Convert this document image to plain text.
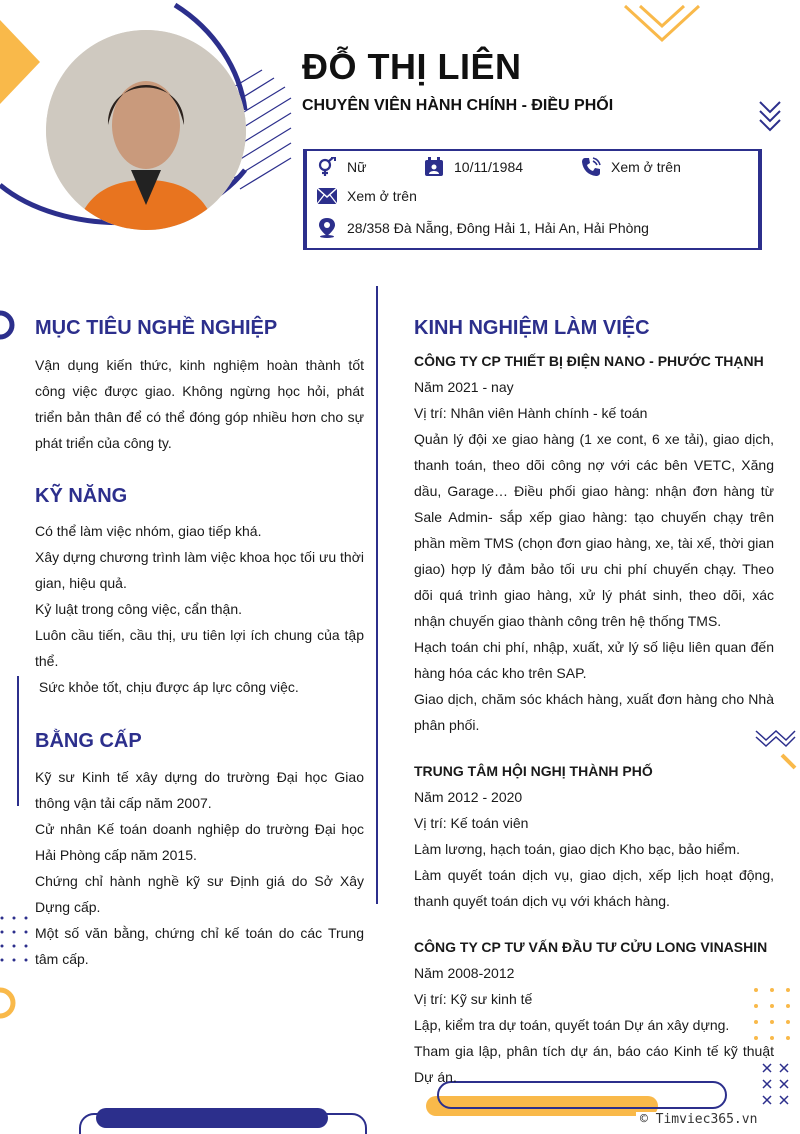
ĐỖ THỊ LIÊN
CHUYÊN VIÊN HÀNH CHÍNH - ĐIỀU PHỐI
Nữ	10/11/1984	Xem ở trên
Xem ở trên
28/358 Đà Nẵng, Đông Hải 1, Hải An, Hải Phòng
MỤC TIÊU NGHỀ NGHIỆP

Vận dụng kiến thức, kinh nghiệm hoàn thành tốt công việc được giao. Không ngừng học hỏi, phát triển bản thân để có thể đóng góp nhiều hơn cho sự phát triển của công ty.

KỸ NĂNG

Có thể làm việc nhóm, giao tiếp khá.

Xây dựng chương trình làm việc khoa học tối ưu thời gian, hiệu quả.

Kỷ luật trong công việc, cẩn thận.

Luôn cầu tiến, cầu thị, ưu tiên lợi ích chung của tập thể.

Sức khỏe tốt, chịu được áp lực công việc.

BẰNG CẤP

Kỹ sư Kinh tế xây dựng do trường Đại học Giao thông vận tải cấp năm 2007.

Cử nhân Kế toán doanh nghiệp do trường Đại học Hải Phòng cấp năm 2015.

Chứng chỉ hành nghề kỹ sư Định giá do Sở Xây Dựng cấp.

Một số văn bằng, chứng chỉ kế toán do các Trung tâm cấp.

KINH NGHIỆM LÀM VIỆC

CÔNG TY CP THIẾT BỊ ĐIỆN NANO - PHƯỚC THẠNH

Năm 2021 - nay

Vị trí: Nhân viên Hành chính - kế toán

Quản lý đội xe giao hàng (1 xe cont, 6 xe tải), giao dịch, thanh toán, theo dõi công nợ với các bên VETC, Xăng dầu, Garage… Điều phối giao hàng: nhận đơn hàng từ Sale Admin- sắp xếp giao hàng: tạo chuyến chạy trên phần mềm TMS (chọn đơn giao hàng, xe, tài xế, thời gian giao) hợp lý đảm bảo tối ưu chi phí chuyến chạy. Theo dõi quá trình giao hàng, xử lý phát sinh, theo dõi, xác nhận chuyến giao thành công trên hệ thống TMS.

Hạch toán chi phí, nhập, xuất, xử lý số liệu liên quan đến hàng hóa các kho trên SAP.

Giao dịch, chăm sóc khách hàng, xuất đơn hàng cho Nhà phân phối.

TRUNG TÂM HỘI NGHỊ THÀNH PHỐ

Năm 2012 - 2020

Vị trí: Kế toán viên

Làm lương, hạch toán, giao dịch Kho bạc, bảo hiểm.

Làm quyết toán dịch vụ, giao dịch, xếp lịch hoạt động, thanh quyết toán dịch vụ với khách hàng.

CÔNG TY CP TƯ VẤN ĐẦU TƯ CỬU LONG VINASHIN

Năm 2008-2012

Vị trí: Kỹ sư kinh tế

Lập, kiểm tra dự toán, quyết toán Dự án xây dựng.

Tham gia lập, phân tích dự án, báo cáo Kinh tế kỹ thuật Dự án.

© Timviec365.vn
